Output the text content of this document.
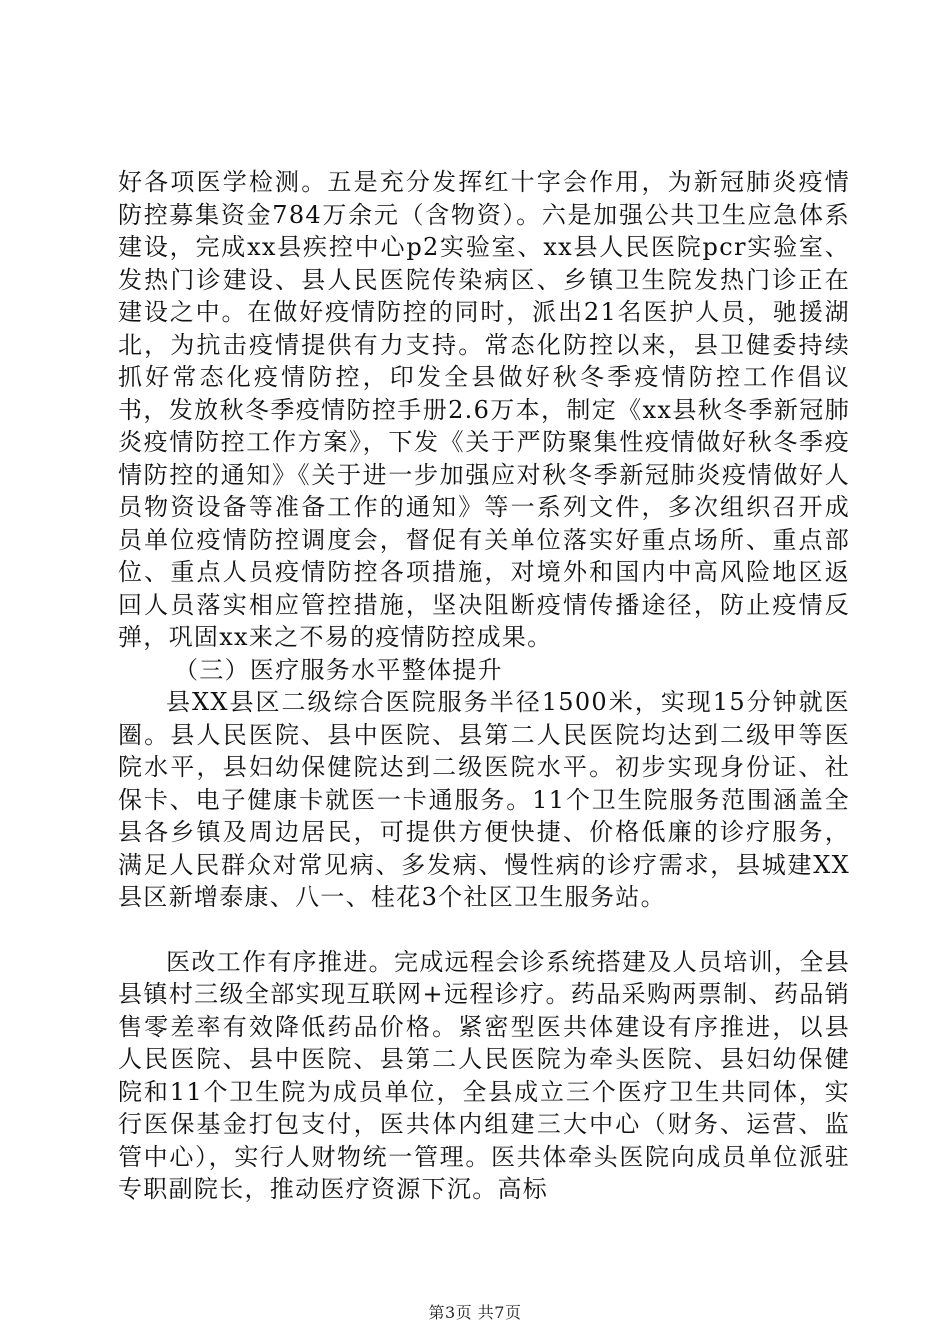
好各项医学检测。五是充分发挥红十字会作用，为新冠肺炎疫情防控募集资金784万余元（含物资）。六是加强公共卫生应急体系建设，完成xx县疾控中心p2实验室、xx县人民医院pcr实验室、发热门诊建设、县人民医院传染病区、乡镇卫生院发热门诊正在建设之中。在做好疫情防控的同时，派出21名医护人员，驰援湖北，为抗击疫情提供有力支持。常态化防控以来，县卫健委持续抓好常态化疫情防控，印发全县做好秋冬季疫情防控工作倡议书，发放秋冬季疫情防控手册2.6万本，制定《xx县秋冬季新冠肺炎疫情防控工作方案》，下发《关于严防聚集性疫情做好秋冬季疫情防控的通知》《关于进一步加强应对秋冬季新冠肺炎疫情做好人员物资设备等准备工作的通知》等一系列文件，多次组织召开成员单位疫情防控调度会，督促有关单位落实好重点场所、重点部位、重点人员疫情防控各项措施，对境外和国内中高风险地区返回人员落实相应管控措施，坚决阻断疫情传播途径，防止疫情反弹，巩固xx来之不易的疫情防控成果。

（三）医疗服务水平整体提升

县XX县区二级综合医院服务半径1500米，实现15分钟就医圈。县人民医院、县中医院、县第二人民医院均达到二级甲等医院水平，县妇幼保健院达到二级医院水平。初步实现身份证、社保卡、电子健康卡就医一卡通服务。11个卫生院服务范围涵盖全县各乡镇及周边居民，可提供方便快捷、价格低廉的诊疗服务，满足人民群众对常见病、多发病、慢性病的诊疗需求，县城建XX县区新增泰康、八一、桂花3个社区卫生服务站。

医改工作有序推进。完成远程会诊系统搭建及人员培训，全县县镇村三级全部实现互联网+远程诊疗。药品采购两票制、药品销售零差率有效降低药品价格。紧密型医共体建设有序推进，以县人民医院、县中医院、县第二人民医院为牵头医院、县妇幼保健院和11个卫生院为成员单位，全县成立三个医疗卫生共同体，实行医保基金打包支付，医共体内组建三大中心（财务、运营、监管中心），实行人财物统一管理。医共体牵头医院向成员单位派驻专职副院长，推动医疗资源下沉。高标

第3页 共7页
